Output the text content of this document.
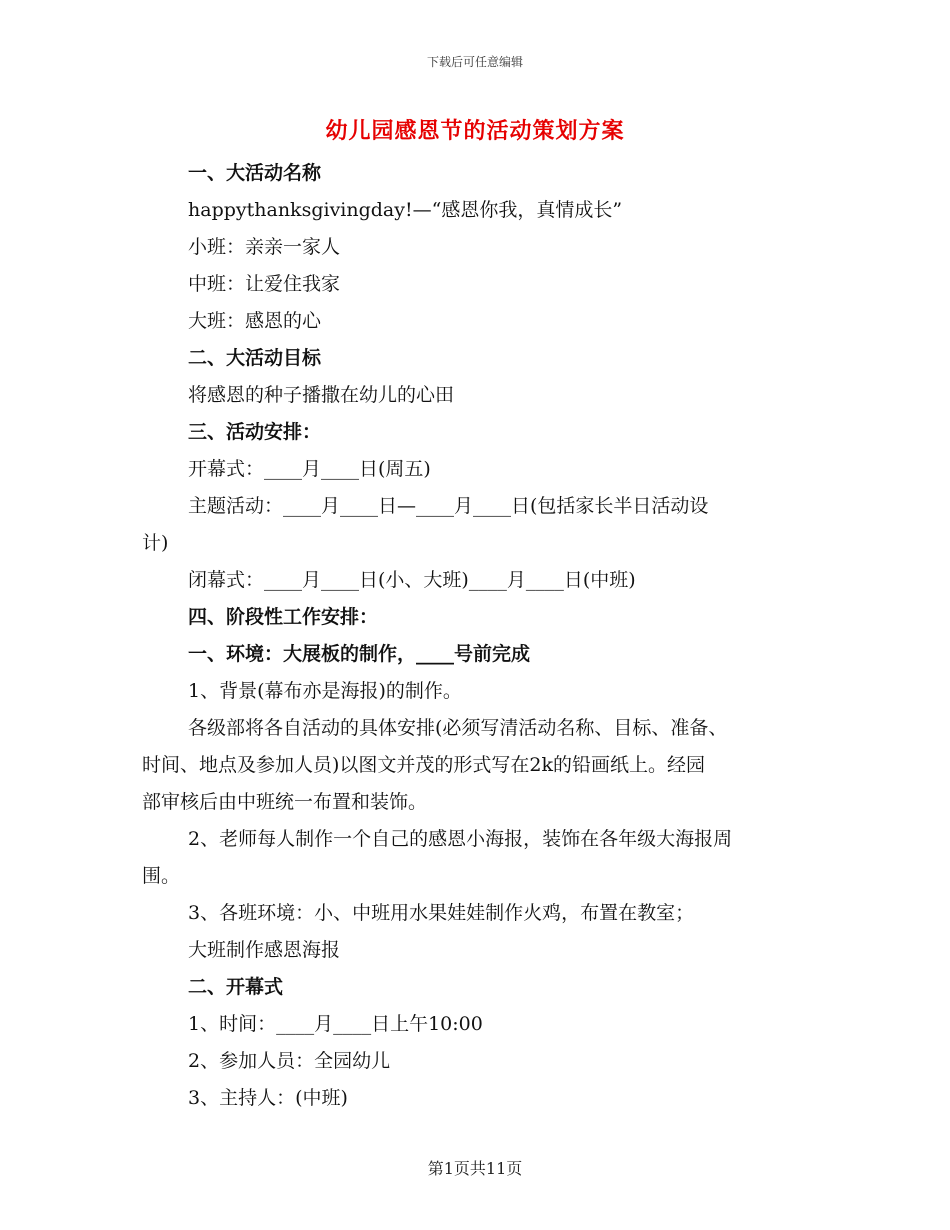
下载后可任意编辑
幼儿园感恩节的活动策划方案
一、大活动名称
happythanksgivingday!—“感恩你我，真情成长”
小班：亲亲一家人
中班：让爱住我家
大班：感恩的心
二、大活动目标
将感恩的种子播撒在幼儿的心田
三、活动安排：
开幕式：____月____日(周五)
主题活动：____月____日—____月____日(包括家长半日活动设
计)
闭幕式：____月____日(小、大班)____月____日(中班)
四、阶段性工作安排：
一、环境：大展板的制作，____号前完成
1、背景(幕布亦是海报)的制作。
各级部将各自活动的具体安排(必须写清活动名称、目标、准备、
时间、地点及参加人员)以图文并茂的形式写在2k的铅画纸上。经园
部审核后由中班统一布置和装饰。
2、老师每人制作一个自己的感恩小海报，装饰在各年级大海报周
围。
3、各班环境：小、中班用水果娃娃制作火鸡，布置在教室；
大班制作感恩海报
二、开幕式
1、时间：____月____日上午10:00
2、参加人员：全园幼儿
3、主持人：(中班)
第1页共11页
